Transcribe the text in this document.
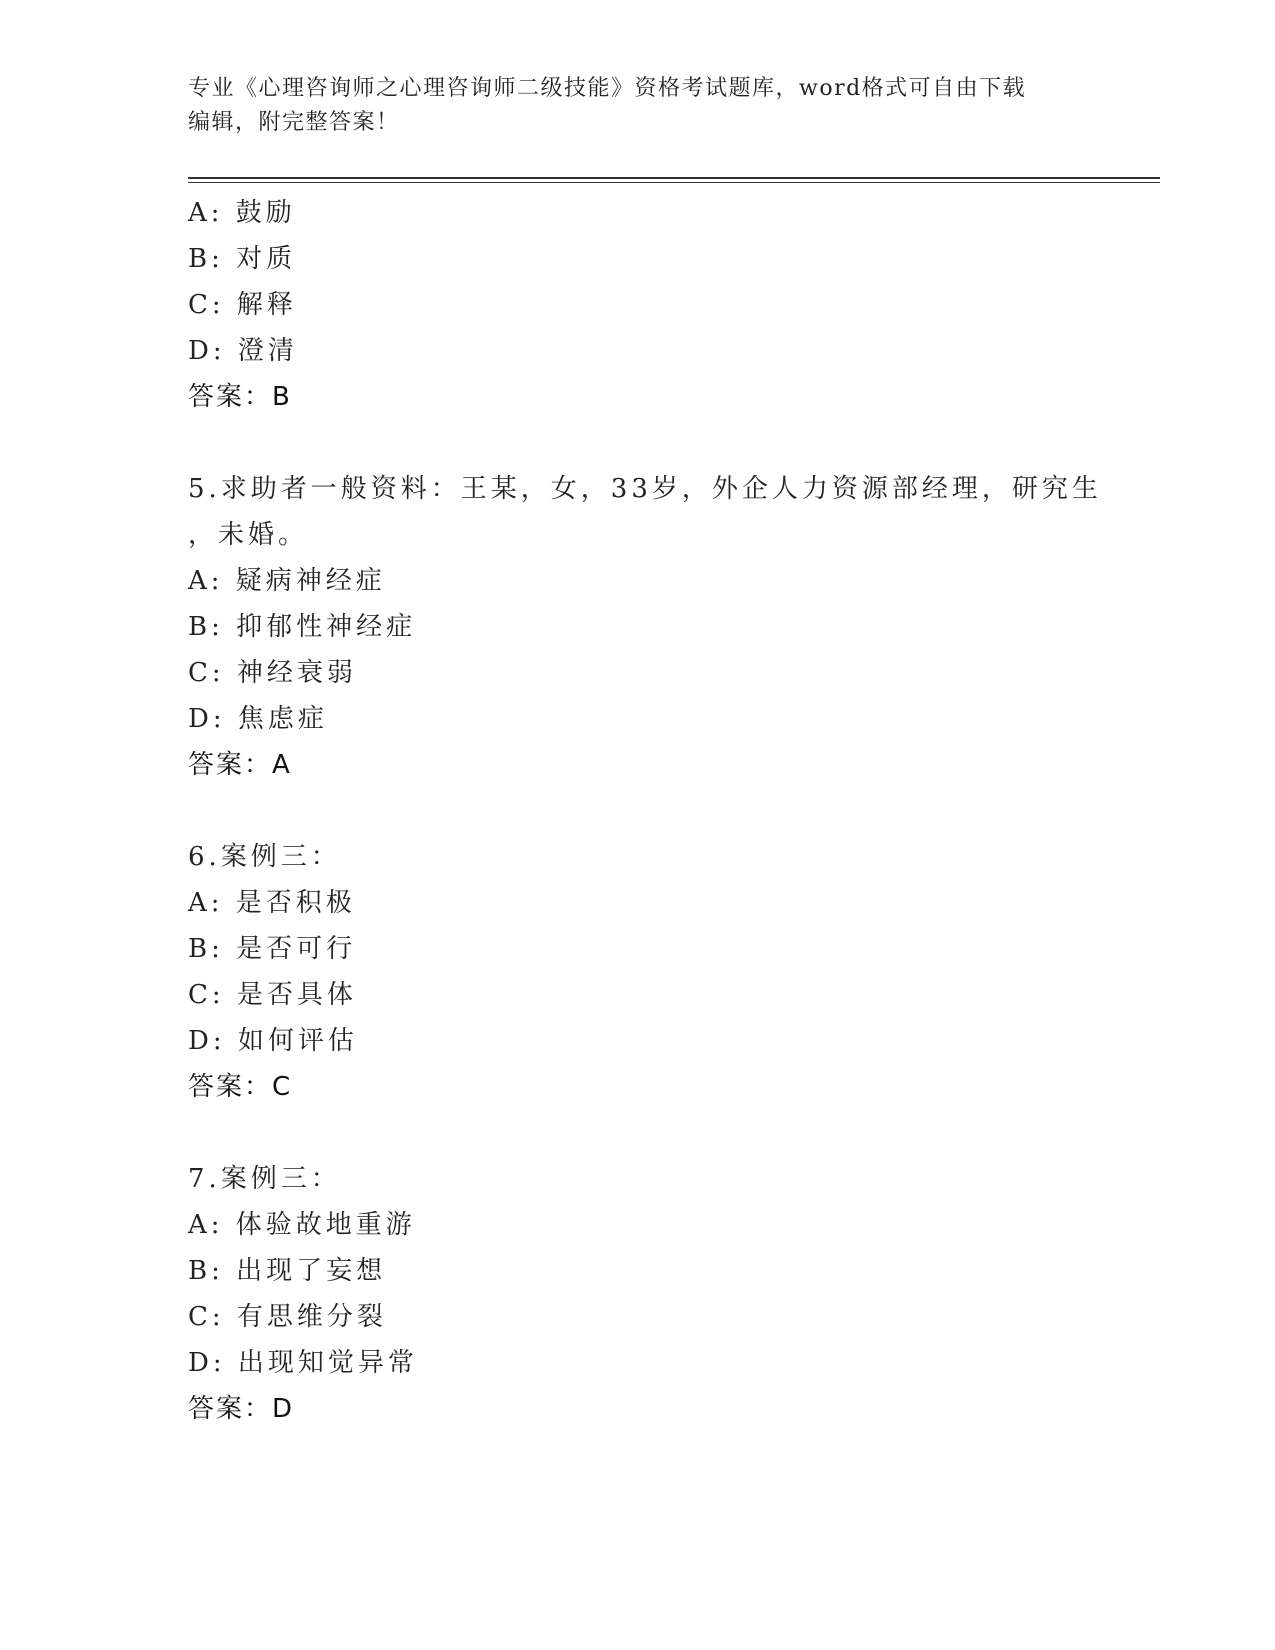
专业《心理咨询师之心理咨询师二级技能》资格考试题库，word格式可自由下载
编辑，附完整答案！
A: 鼓励
B: 对质
C: 解释
D: 澄清
答案：B
5.求助者一般资料：王某，女，33岁，外企人力资源部经理，研究生
，未婚。
A: 疑病神经症
B: 抑郁性神经症
C: 神经衰弱
D: 焦虑症
答案：A
6.案例三：
A: 是否积极
B: 是否可行
C: 是否具体
D: 如何评估
答案：C
7.案例三：
A: 体验故地重游
B: 出现了妄想
C: 有思维分裂
D: 出现知觉异常
答案：D
